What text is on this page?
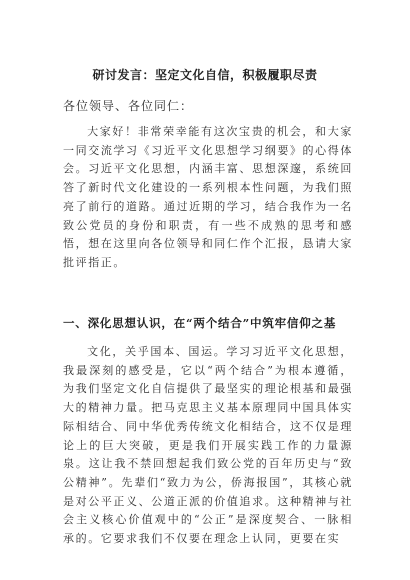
研讨发言：坚定文化自信，积极履职尽责
各位领导、各位同仁：

大家好！非常荣幸能有这次宝贵的机会，和大家一同交流学习《习近平文化思想学习纲要》的心得体会。习近平文化思想，内涵丰富、思想深邃，系统回答了新时代文化建设的一系列根本性问题，为我们照亮了前行的道路。通过近期的学习，结合我作为一名致公党员的身份和职责，有一些不成熟的思考和感悟，想在这里向各位领导和同仁作个汇报，恳请大家批评指正。

一、深化思想认识，在“两个结合”中筑牢信仰之基

文化，关乎国本、国运。学习习近平文化思想，我最深刻的感受是，它以“两个结合”为根本遵循，为我们坚定文化自信提供了最坚实的理论根基和最强大的精神力量。把马克思主义基本原理同中国具体实际相结合、同中华优秀传统文化相结合，这不仅是理论上的巨大突破，更是我们开展实践工作的力量源泉。这让我不禁回想起我们致公党的百年历史与“致公精神”。先辈们“致力为公，侨海报国”，其核心就是对公平正义、公道正派的价值追求。这种精神与社会主义核心价值观中的“公正”是深度契合、一脉相承的。它要求我们不仅要在理念上认同，更要在实
